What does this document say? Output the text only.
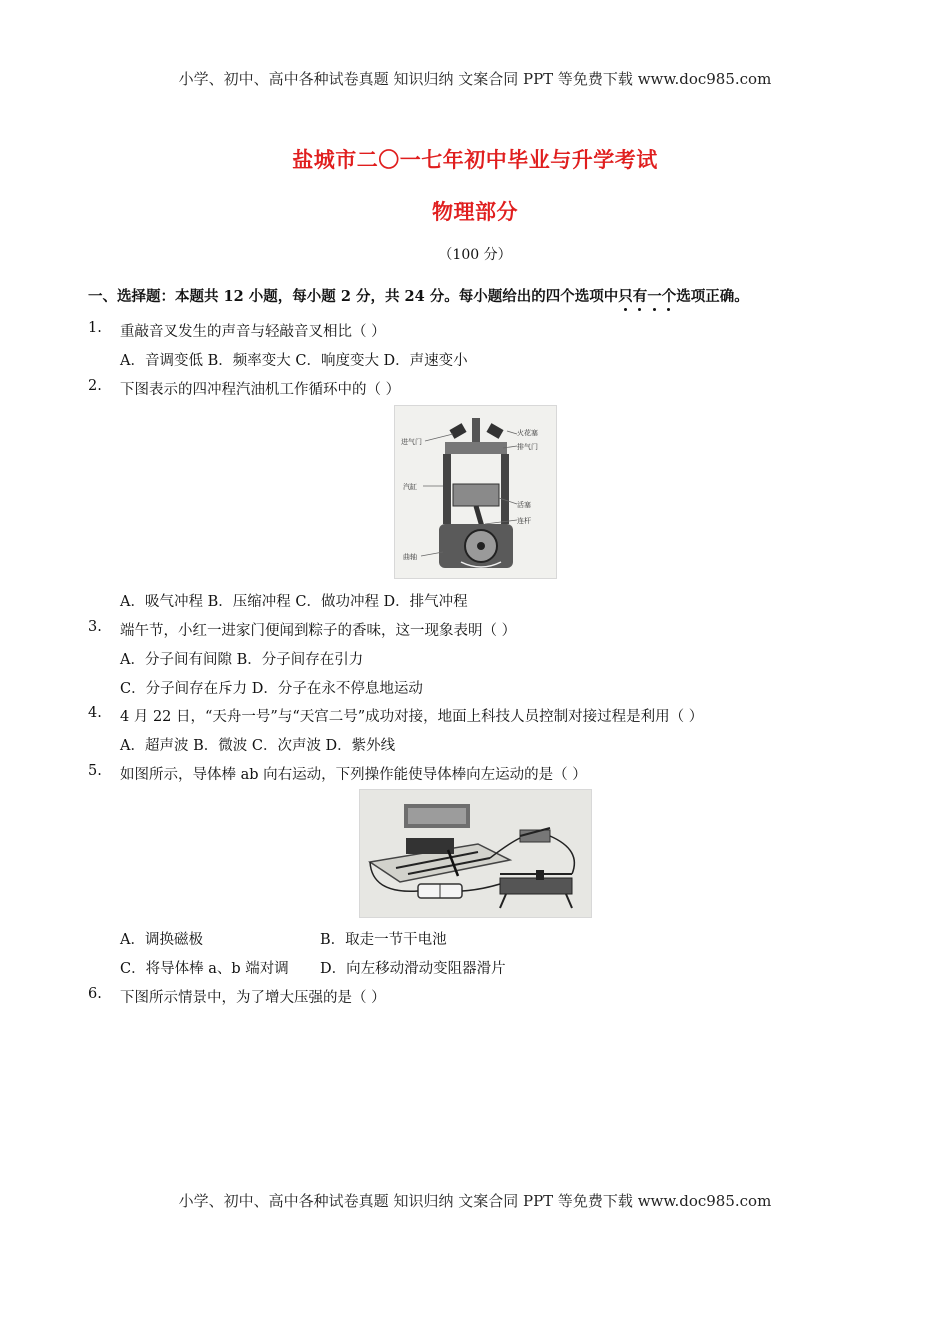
小学、初中、高中各种试卷真题 知识归纳 文案合同 PPT 等免费下载 www.doc985.com
盐城市二〇一七年初中毕业与升学考试
物理部分
（100 分）
一、选择题：本题共 12 小题，每小题 2 分，共 24 分。每小题给出的四个选项中只有一个选项正确。
1. 重敲音叉发生的声音与轻敲音叉相比（ ）
A．音调变低 B．频率变大 C．响度变大 D．声速变小
2. 下图表示的四冲程汽油机工作循环中的（ ）
进气门
火花塞
排气门
汽缸
活塞
连杆
曲轴
A．吸气冲程 B．压缩冲程 C．做功冲程 D．排气冲程
3. 端午节，小红一进家门便闻到粽子的香味，这一现象表明（ ）
A．分子间有间隙 B．分子间存在引力
C．分子间存在斥力 D．分子在永不停息地运动
4. 4 月 22 日，“天舟一号”与“天宫二号”成功对接，地面上科技人员控制对接过程是利用（ ）
A．超声波 B．微波 C．次声波 D．紫外线
5. 如图所示，导体棒 ab 向右运动，下列操作能使导体棒向左运动的是（ ）
A．调换磁极	B．取走一节干电池
C．将导体棒 a、b 端对调 D．向左移动滑动变阻器滑片
6. 下图所示情景中，为了增大压强的是（ ）
小学、初中、高中各种试卷真题 知识归纳 文案合同 PPT 等免费下载 www.doc985.com
